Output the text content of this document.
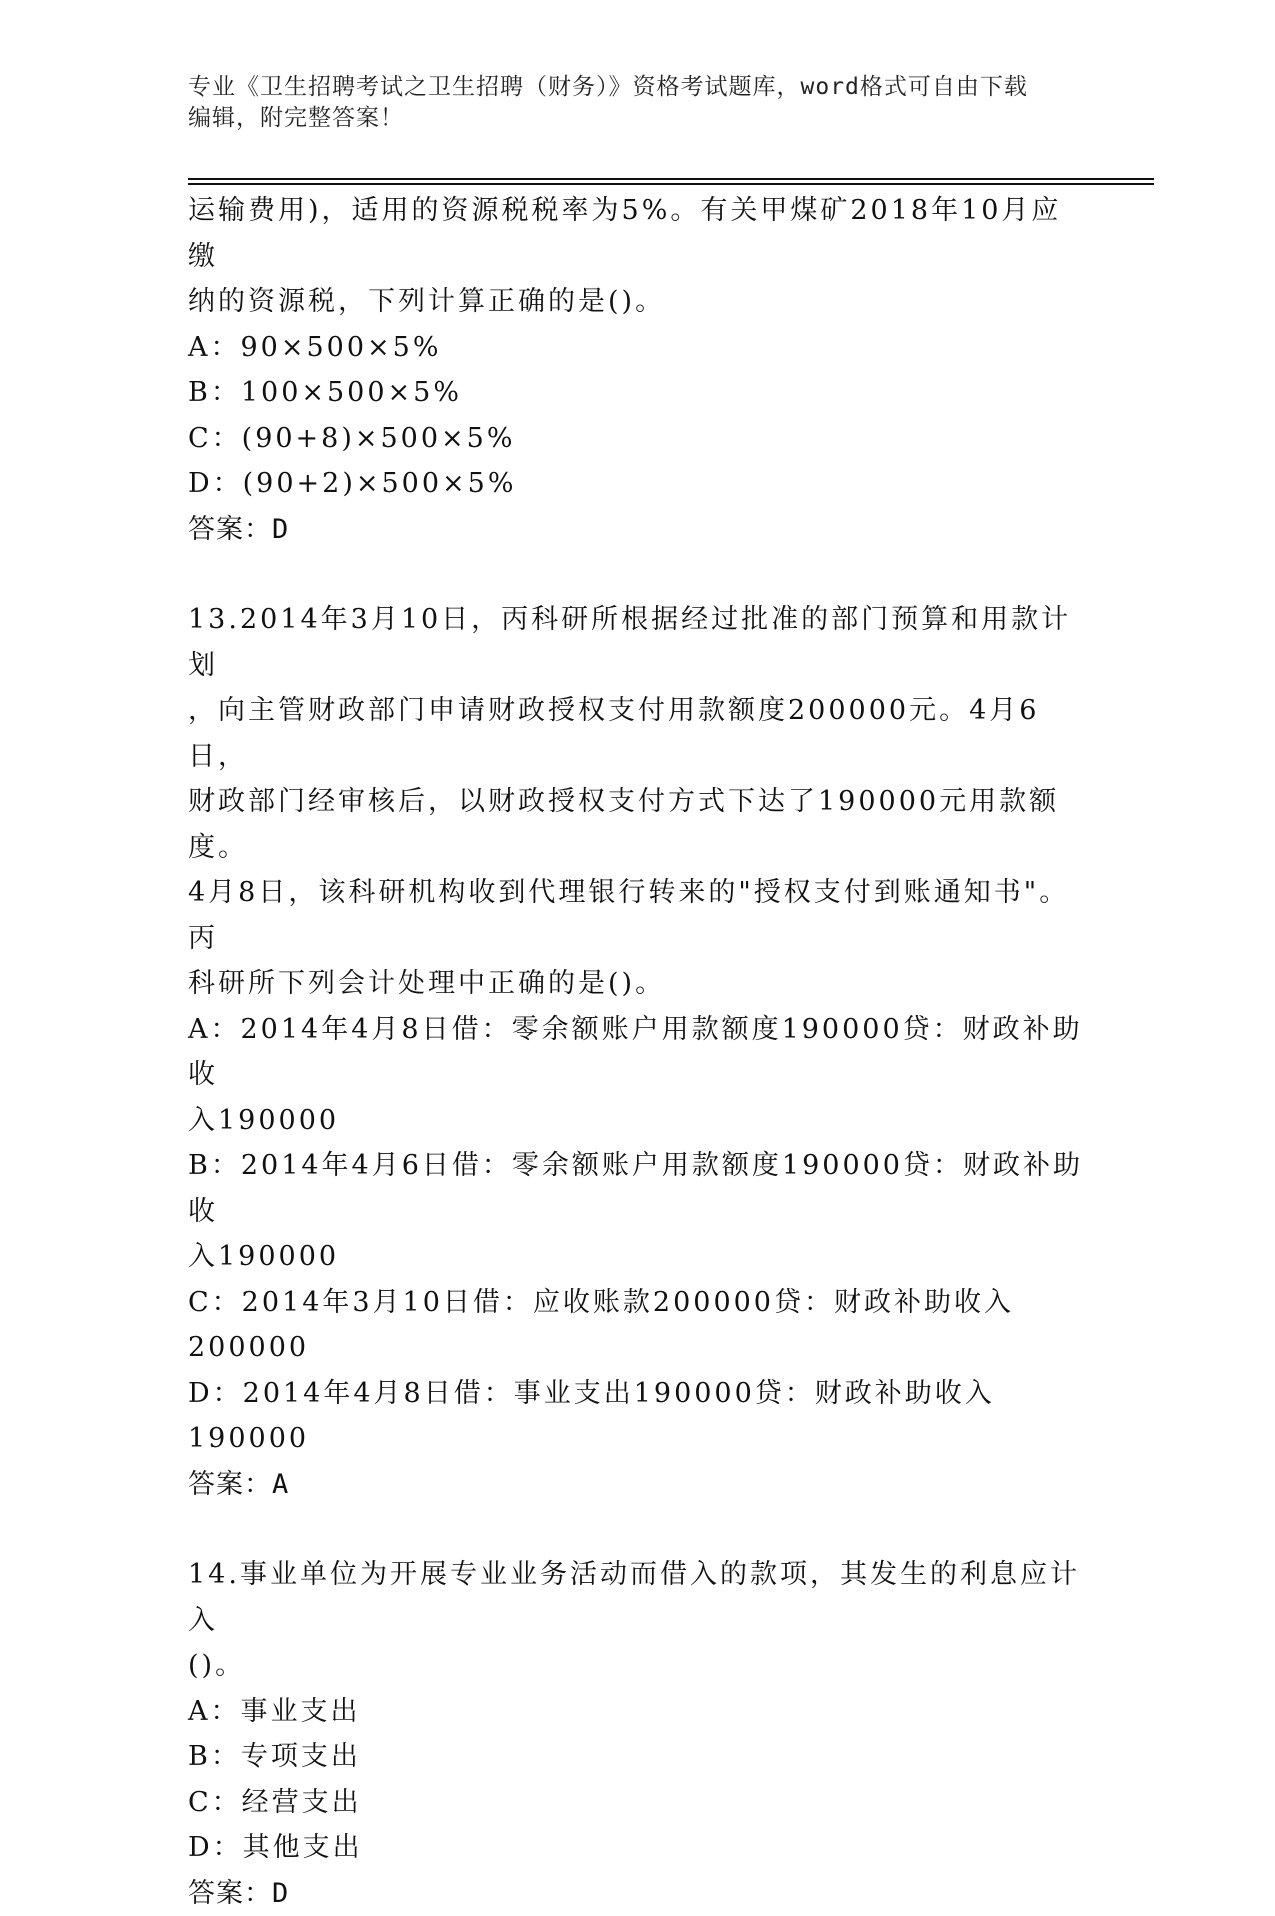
专业《卫生招聘考试之卫生招聘（财务）》资格考试题库，word格式可自由下载
编辑，附完整答案！

运输费用)，适用的资源税税率为5%。有关甲煤矿2018年10月应缴

纳的资源税，下列计算正确的是()。

A：90×500×5%

B：100×500×5%

C：(90+8)×500×5%

D：(90+2)×500×5%

答案：D

13.2014年3月10日，丙科研所根据经过批准的部门预算和用款计划

，向主管财政部门申请财政授权支付用款额度200000元。4月6日，

财政部门经审核后，以财政授权支付方式下达了190000元用款额度。

4月8日，该科研机构收到代理银行转来的"授权支付到账通知书"。丙

科研所下列会计处理中正确的是()。

A：2014年4月8日借：零余额账户用款额度190000贷：财政补助收

入190000

B：2014年4月6日借：零余额账户用款额度190000贷：财政补助收

入190000

C：2014年3月10日借：应收账款200000贷：财政补助收入200000

D：2014年4月8日借：事业支出190000贷：财政补助收入190000

答案：A

14.事业单位为开展专业业务活动而借入的款项，其发生的利息应计入

()。

A：事业支出

B：专项支出

C：经营支出

D：其他支出

答案：D
